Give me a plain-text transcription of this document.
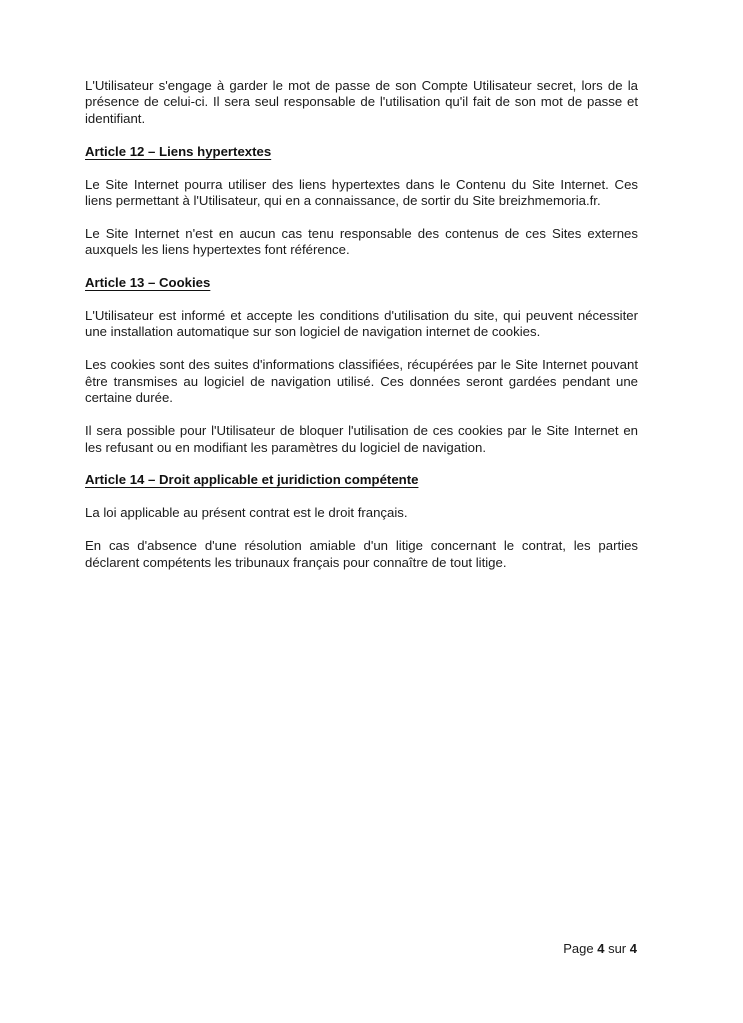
L'Utilisateur s'engage à garder le mot de passe de son Compte Utilisateur secret, lors de la présence de celui-ci. Il sera seul responsable de l'utilisation qu'il fait de son mot de passe et identifiant.

Article 12 – Liens hypertextes

Le Site Internet pourra utiliser des liens hypertextes dans le Contenu du Site Internet. Ces liens permettant à l'Utilisateur, qui en a connaissance, de sortir du Site breizhmemoria.fr.

Le Site Internet n'est en aucun cas tenu responsable des contenus de ces Sites externes auxquels les liens hypertextes font référence.

Article 13 – Cookies

L'Utilisateur est informé et accepte les conditions d'utilisation du site, qui peuvent nécessiter une installation automatique sur son logiciel de navigation internet de cookies.

Les cookies sont des suites d'informations classifiées, récupérées par le Site Internet pouvant être transmises au logiciel de navigation utilisé. Ces données seront gardées pendant une certaine durée.

Il sera possible pour l'Utilisateur de bloquer l'utilisation de ces cookies par le Site Internet en les refusant ou en modifiant les paramètres du logiciel de navigation.

Article 14 – Droit applicable et juridiction compétente

La loi applicable au présent contrat est le droit français.

En cas d'absence d'une résolution amiable d'un litige concernant le contrat, les parties déclarent compétents les tribunaux français pour connaître de tout litige.

Page 4 sur 4
